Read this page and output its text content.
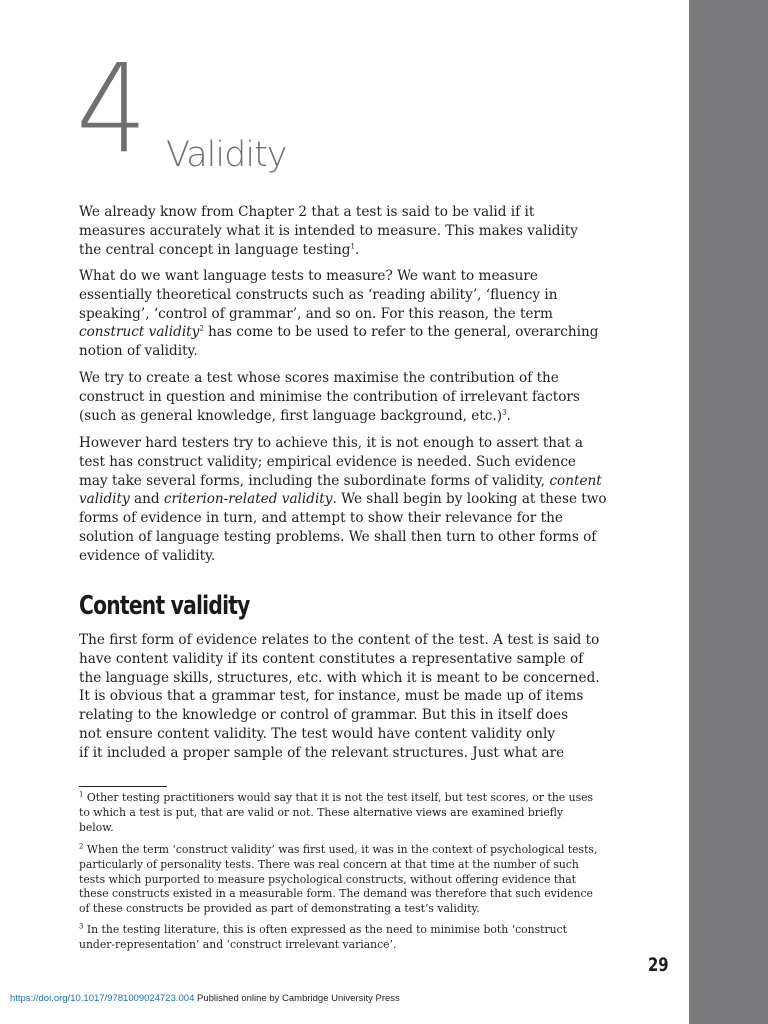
4 Validity

We already know from Chapter 2 that a test is said to be valid if it

measures accurately what it is intended to measure. This makes validity

the central concept in language testing$^1$.

What do we want language tests to measure? We want to measure

essentially theoretical constructs such as ‘reading ability’, ‘fluency in

speaking’, ‘control of grammar’, and so on. For this reason, the term

construct validity$^2$ has come to be used to refer to the general, overarching

notion of validity.

We try to create a test whose scores maximise the contribution of the

construct in question and minimise the contribution of irrelevant factors

(such as general knowledge, first language background, etc.)$^3$.

However hard testers try to achieve this, it is not enough to assert that a

test has construct validity; empirical evidence is needed. Such evidence

may take several forms, including the subordinate forms of validity, content

validity and criterion-related validity. We shall begin by looking at these two

forms of evidence in turn, and attempt to show their relevance for the

solution of language testing problems. We shall then turn to other forms of

evidence of validity.

Content validity

The first form of evidence relates to the content of the test. A test is said to

have content validity if its content constitutes a representative sample of

the language skills, structures, etc. with which it is meant to be concerned.

It is obvious that a grammar test, for instance, must be made up of items

relating to the knowledge or control of grammar. But this in itself does

not ensure content validity. The test would have content validity only

if it included a proper sample of the relevant structures. Just what are

$^1$ Other testing practitioners would say that it is not the test itself, but test scores, or the uses

to which a test is put, that are valid or not. These alternative views are examined briefly

below.

$^2$ When the term ‘construct validity’ was first used, it was in the context of psychological tests,

particularly of personality tests. There was real concern at that time at the number of such

tests which purported to measure psychological constructs, without offering evidence that

these constructs existed in a measurable form. The demand was therefore that such evidence

of these constructs be provided as part of demonstrating a test’s validity.

$^3$ In the testing literature, this is often expressed as the need to minimise both ‘construct

under-representation’ and ‘construct irrelevant variance’.

29
https://doi.org/10.1017/9781009024723.004 Published online by Cambridge University Press
